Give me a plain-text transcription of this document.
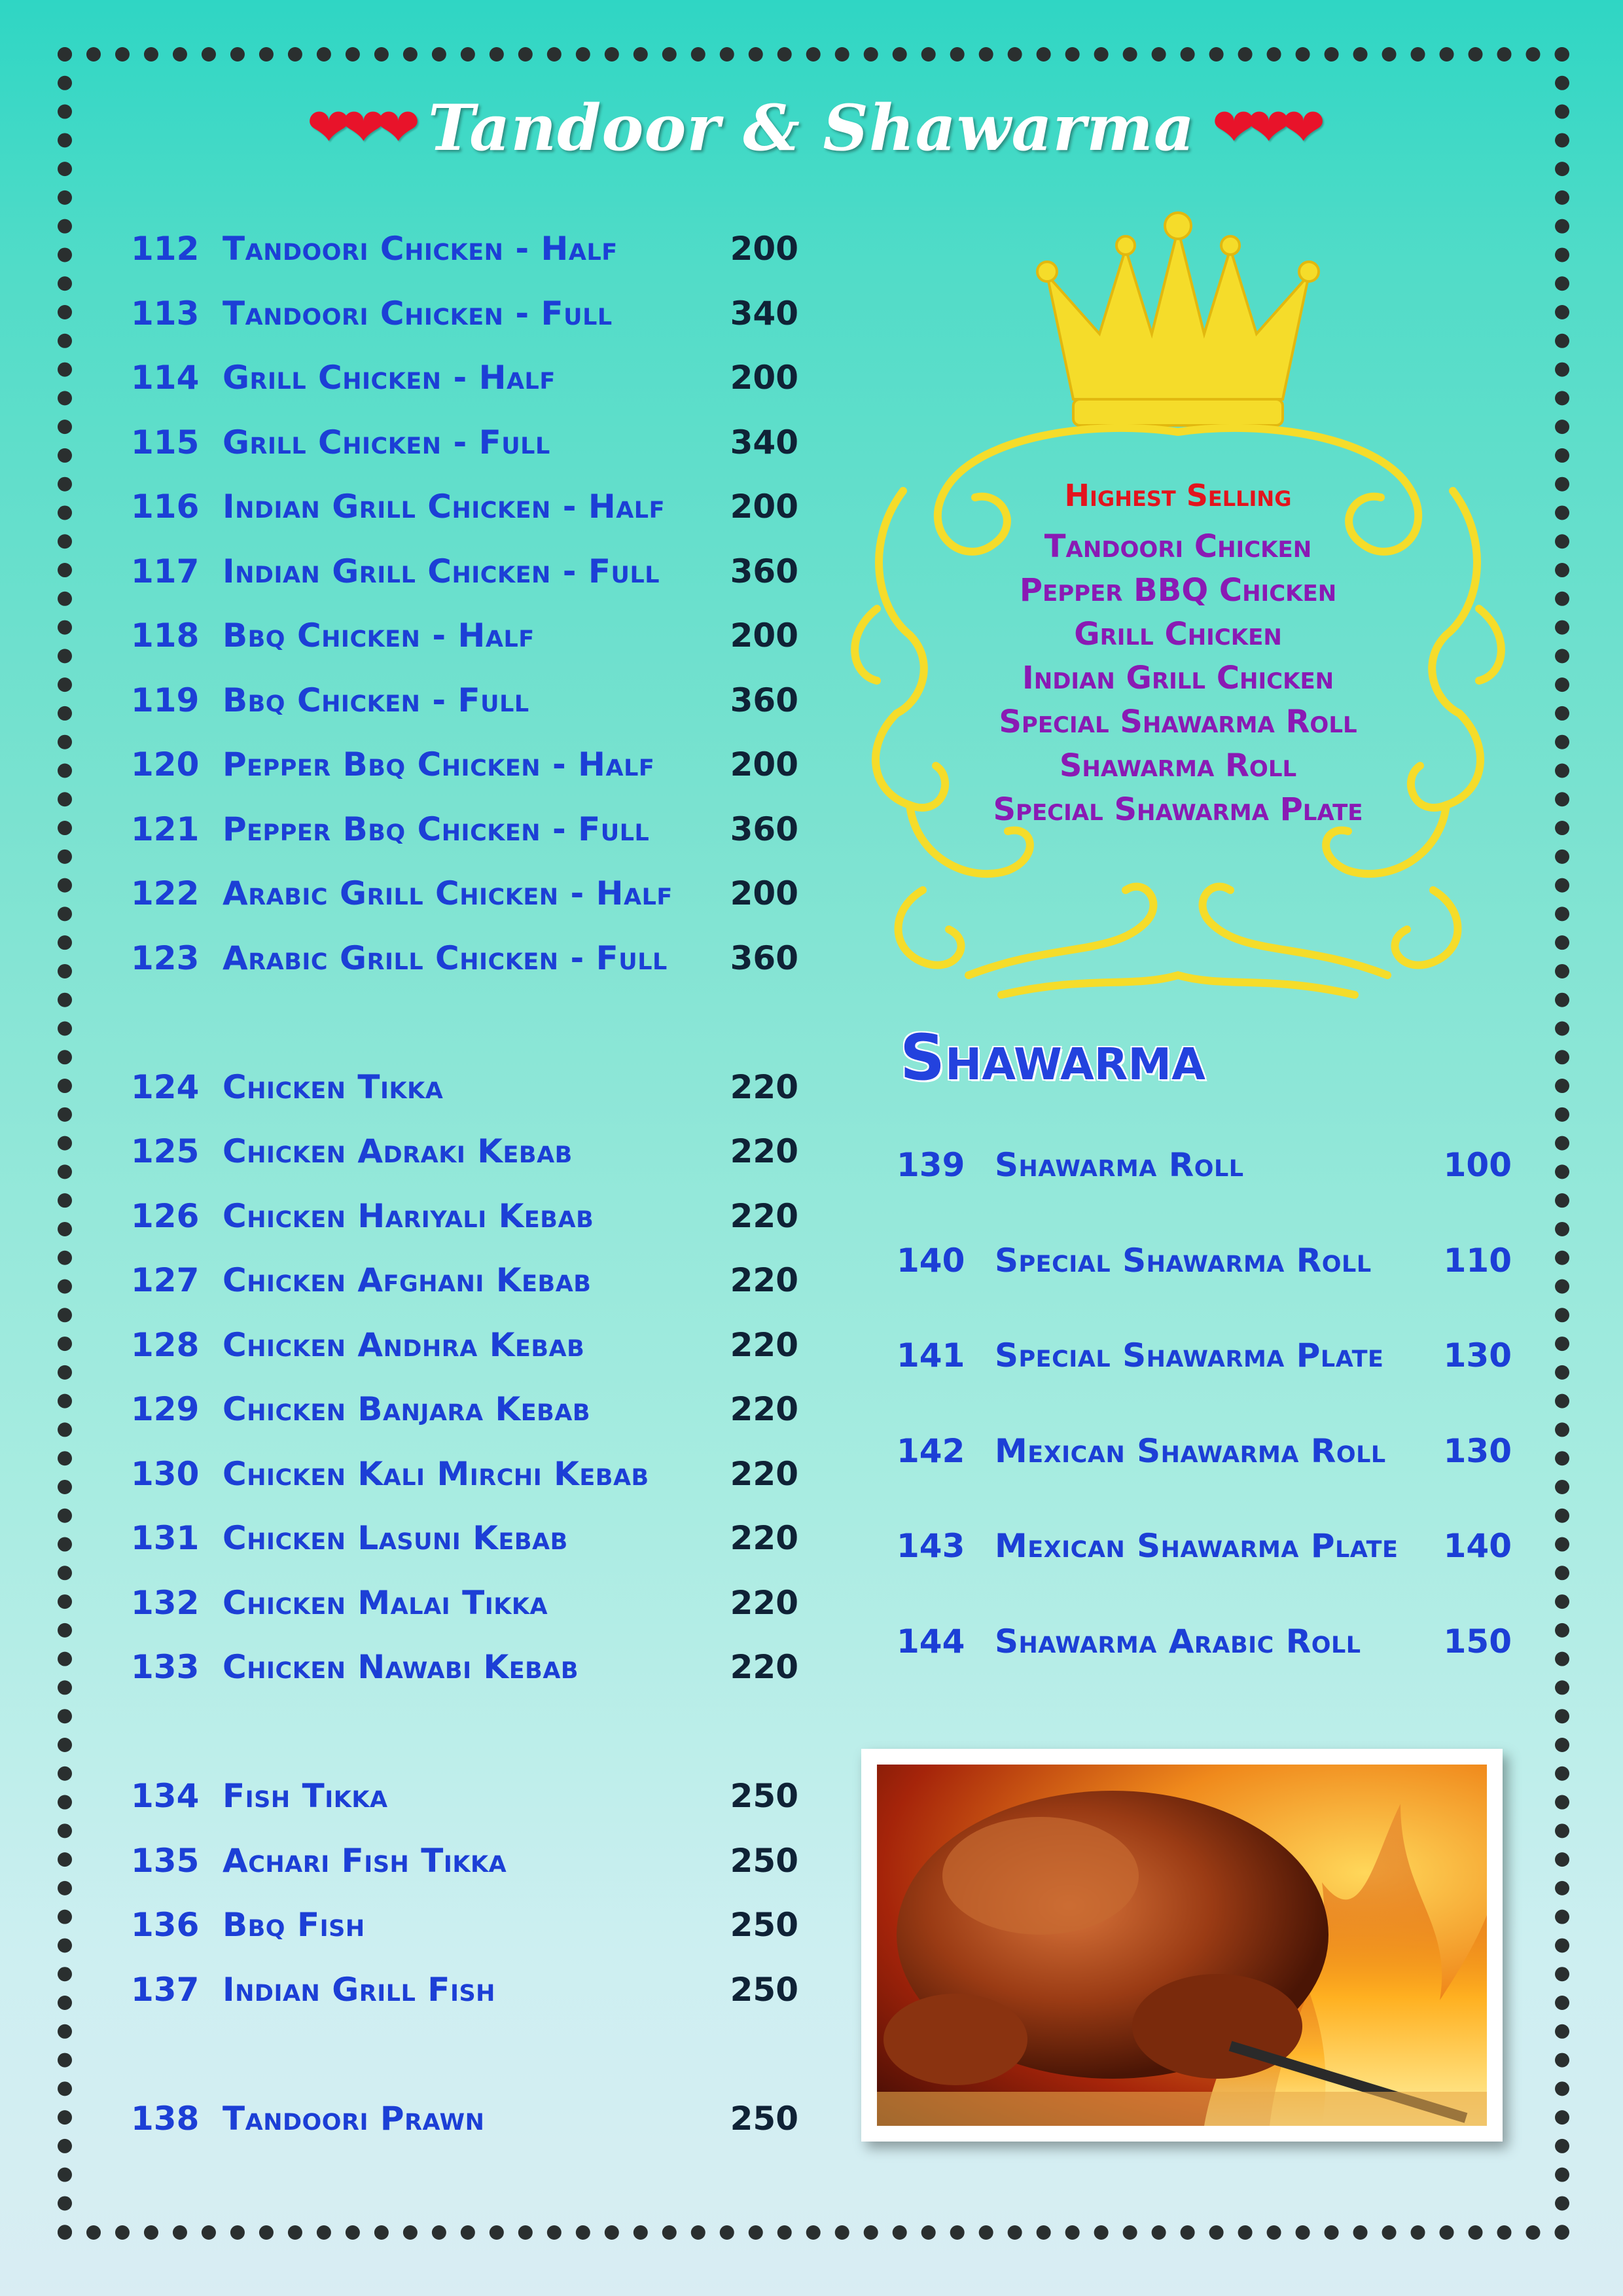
❤❤❤ Tandoor & Shawarma ❤❤❤
112 Tandoori Chicken - Half	200
113 Tandoori Chicken - Full	340
114 Grill Chicken - Half	200
115 Grill Chicken - Full	340
116 Indian Grill Chicken - Half	200
117 Indian Grill Chicken - Full	360
118 Bbq Chicken - Half	200
119 Bbq Chicken - Full	360
120 Pepper Bbq Chicken - Half	200
121 Pepper Bbq Chicken - Full	360
122 Arabic Grill Chicken - Half	200
123 Arabic Grill Chicken - Full	360
124 Chicken Tikka	220
125 Chicken Adraki Kebab	220
126 Chicken Hariyali Kebab	220
127 Chicken Afghani Kebab	220
128 Chicken Andhra Kebab	220
129 Chicken Banjara Kebab	220
130 Chicken Kali Mirchi Kebab	220
131 Chicken Lasuni Kebab	220
132 Chicken Malai Tikka	220
133 Chicken Nawabi Kebab	220
134 Fish Tikka	250
135 Achari Fish Tikka	250
136 Bbq Fish	250
137 Indian Grill Fish	250
138 Tandoori Prawn	250
Highest Selling
Tandoori Chicken
Pepper BBQ Chicken
Grill Chicken
Indian Grill Chicken
Special Shawarma Roll
Shawarma Roll
Special Shawarma Plate
Shawarma
139 Shawarma Roll	100
140 Special Shawarma Roll	110
141 Special Shawarma Plate	130
142 Mexican Shawarma Roll	130
143 Mexican Shawarma Plate	140
144 Shawarma Arabic Roll	150
